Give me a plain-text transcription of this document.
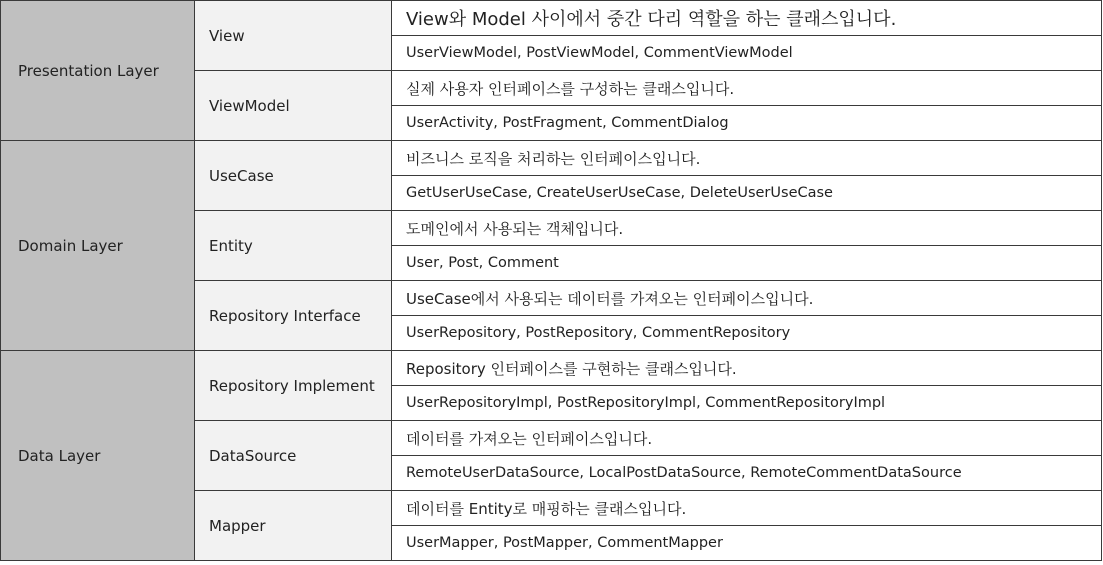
Presentation Layer	View	View와 Model 사이에서 중간 다리 역할을 하는 클래스입니다.
		UserViewModel, PostViewModel, CommentViewModel
	ViewModel	실제 사용자 인터페이스를 구성하는 클래스입니다.
		UserActivity, PostFragment, CommentDialog
Domain Layer	UseCase	비즈니스 로직을 처리하는 인터페이스입니다.
		GetUserUseCase, CreateUserUseCase, DeleteUserUseCase
	Entity	도메인에서 사용되는 객체입니다.
		User, Post, Comment
	Repository Interface	UseCase에서 사용되는 데이터를 가져오는 인터페이스입니다.
		UserRepository, PostRepository, CommentRepository
Data Layer	Repository Implement	Repository 인터페이스를 구현하는 클래스입니다.
		UserRepositoryImpl, PostRepositoryImpl, CommentRepositoryImpl
	DataSource	데이터를 가져오는 인터페이스입니다.
		RemoteUserDataSource, LocalPostDataSource, RemoteCommentDataSource
	Mapper	데이터를 Entity로 매핑하는 클래스입니다.
		UserMapper, PostMapper, CommentMapper
